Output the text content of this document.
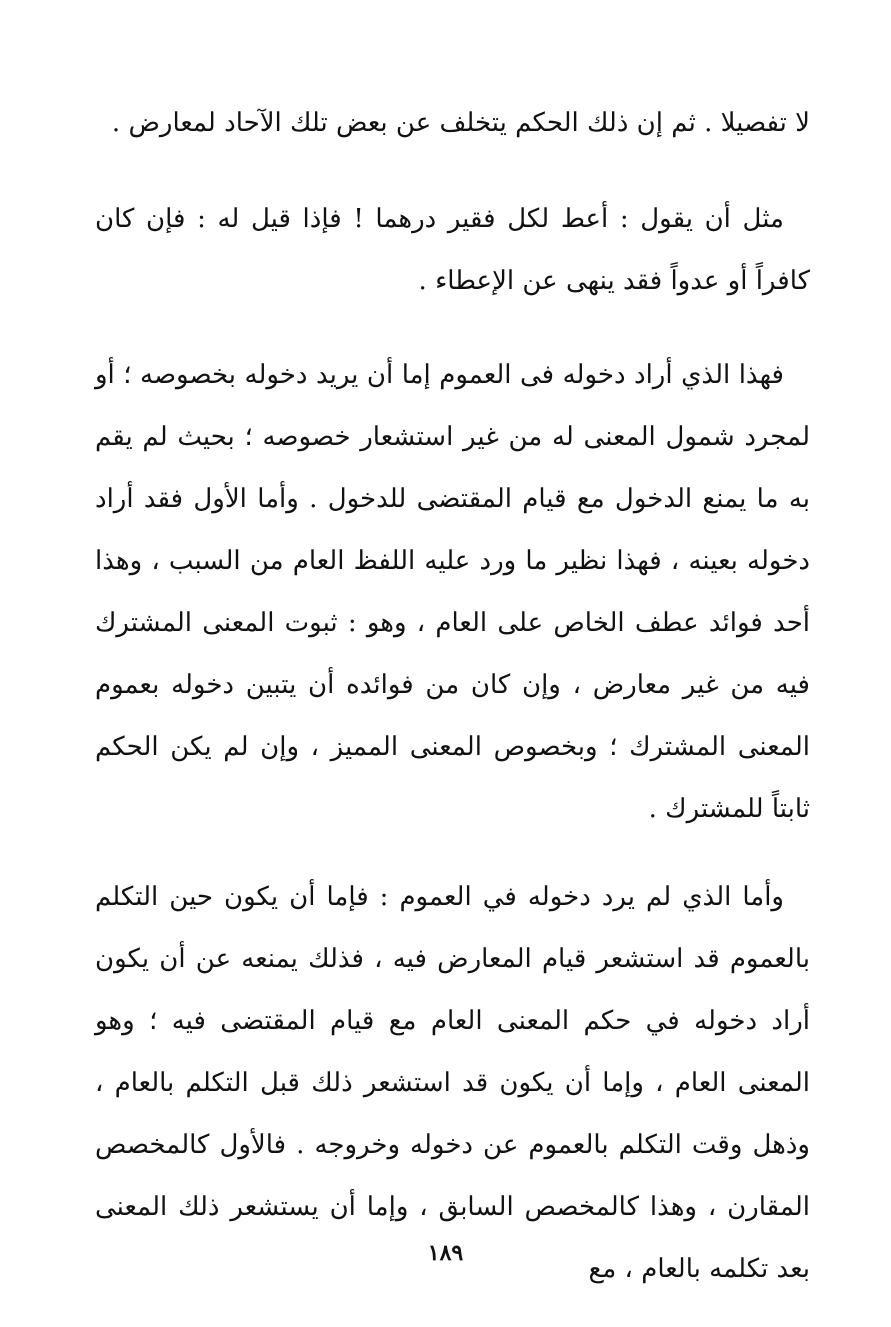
لا تفصيلا . ثم إن ذلك الحكم يتخلف عن بعض تلك الآحاد لمعارض .

مثل أن يقول : أعط لكل فقير درهما ! فإذا قيل له : فإن كان كافراً أو عدواً فقد ينهى عن الإعطاء .

فهذا الذي أراد دخوله فى العموم إما أن يريد دخوله بخصوصه ؛ أو لمجرد شمول المعنى له من غير استشعار خصوصه ؛ بحيث لم يقم به ما يمنع الدخول مع قيام المقتضى للدخول . وأما الأول فقد أراد دخوله بعينه ، فهذا نظير ما ورد عليه اللفظ العام من السبب ، وهذا أحد فوائد عطف الخاص على العام ، وهو : ثبوت المعنى المشترك فيه من غير معارض ، وإن كان من فوائده أن يتبين دخوله بعموم المعنى المشترك ؛ وبخصوص المعنى المميز ، وإن لم يكن الحكم ثابتاً للمشترك .

وأما الذي لم يرد دخوله في العموم : فإما أن يكون حين التكلم بالعموم قد استشعر قيام المعارض فيه ، فذلك يمنعه عن أن يكون أراد دخوله في حكم المعنى العام مع قيام المقتضى فيه ؛ وهو المعنى العام ، وإما أن يكون قد استشعر ذلك قبل التكلم بالعام ، وذهل وقت التكلم بالعموم عن دخوله وخروجه . فالأول كالمخصص المقارن ، وهذا كالمخصص السابق ، وإما أن يستشعر ذلك المعنى بعد تكلمه بالعام ، مع

١٨٩
